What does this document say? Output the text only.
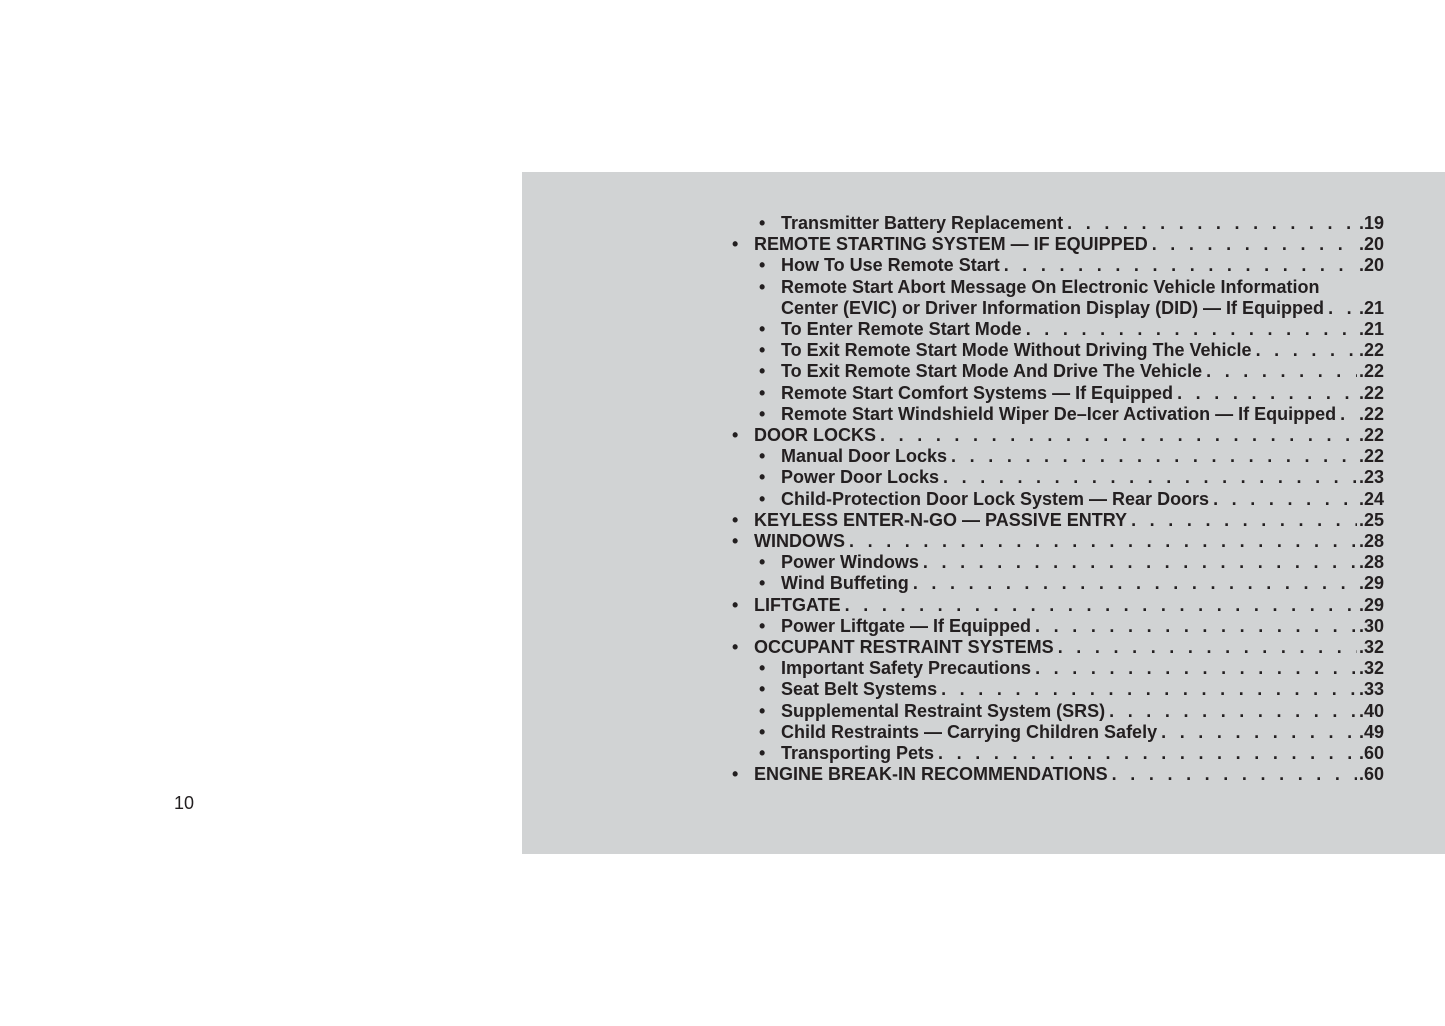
10
• Transmitter Battery Replacement . . .	.19
• REMOTE STARTING SYSTEM — IF EQUIPPED . . .	.20
• How To Use Remote Start . . .	.20
• Remote Start Abort Message On Electronic Vehicle Information
Center (EVIC) or Driver Information Display (DID) — If Equipped . . . .21
• To Enter Remote Start Mode . . .	.21
• To Exit Remote Start Mode Without Driving The Vehicle . . .	.22
• To Exit Remote Start Mode And Drive The Vehicle . . .	.22
• Remote Start Comfort Systems — If Equipped . . .	.22
• Remote Start Windshield Wiper De–Icer Activation — If Equipped . . . .22
• DOOR LOCKS . . .	.22
• Manual Door Locks . . .	.22
• Power Door Locks . . .	.23
• Child-Protection Door Lock System — Rear Doors . . .	.24
• KEYLESS ENTER-N-GO — PASSIVE ENTRY . . .	.25
• WINDOWS . . .	.28
• Power Windows . . .	.28
• Wind Buffeting . . .	.29
• LIFTGATE . . .	.29
• Power Liftgate — If Equipped . . .	.30
• OCCUPANT RESTRAINT SYSTEMS . . .	.32
• Important Safety Precautions . . .	.32
• Seat Belt Systems . . .	.33
• Supplemental Restraint System (SRS) . . .	.40
• Child Restraints — Carrying Children Safely . . .	.49
• Transporting Pets . . .	.60
• ENGINE BREAK-IN RECOMMENDATIONS . . .	.60
